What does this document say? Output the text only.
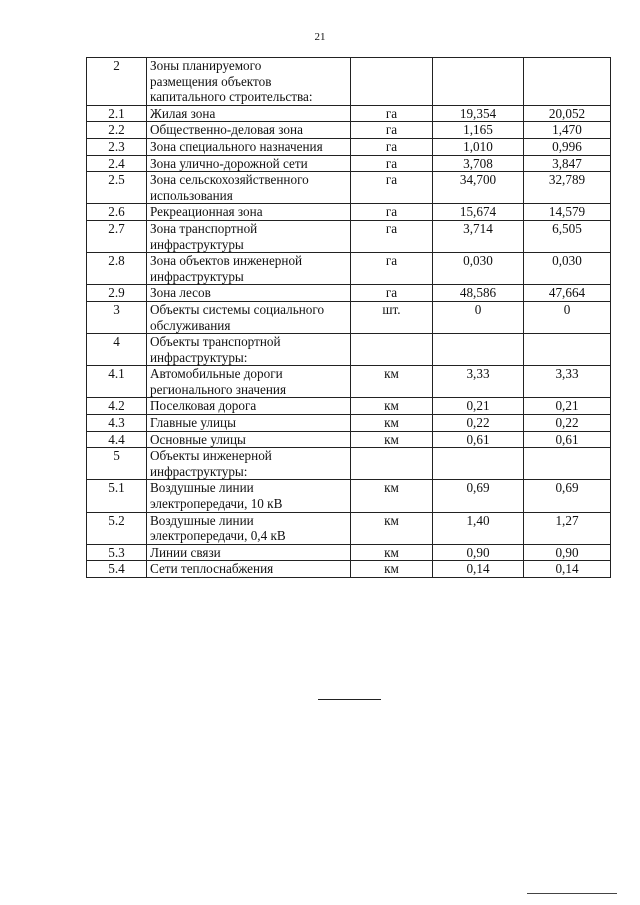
21
2	Зоны планируемого
размещения объектов
капитального строительства:			

2.1	Жилая зона	га	19,354	20,052
2.2	Общественно-деловая зона	га	1,165	1,470
2.3	Зона специального назначения	га	1,010	0,996
2.4	Зона улично-дорожной сети	га	3,708	3,847
2.5	Зона сельскохозяйственного
использования	га	34,700	32,789
2.6	Рекреационная зона	га	15,674	14,579
2.7	Зона транспортной
инфраструктуры	га	3,714	6,505
2.8	Зона объектов инженерной
инфраструктуры	га	0,030	0,030
2.9	Зона лесов	га	48,586	47,664
3	Объекты системы социального
обслуживания	шт.	0	0
4	Объекты транспортной
инфраструктуры:			

4.1	Автомобильные дороги
регионального значения	км	3,33	3,33
4.2	Поселковая дорога	км	0,21	0,21
4.3	Главные улицы	км	0,22	0,22
4.4	Основные улицы	км	0,61	0,61
5	Объекты инженерной
инфраструктуры:			

5.1	Воздушные линии
электропередачи, 10 кВ	км	0,69	0,69
5.2	Воздушные линии
электропередачи, 0,4 кВ	км	1,40	1,27
5.3	Линии связи	км	0,90	0,90
5.4	Сети теплоснабжения	км	0,14	0,14
